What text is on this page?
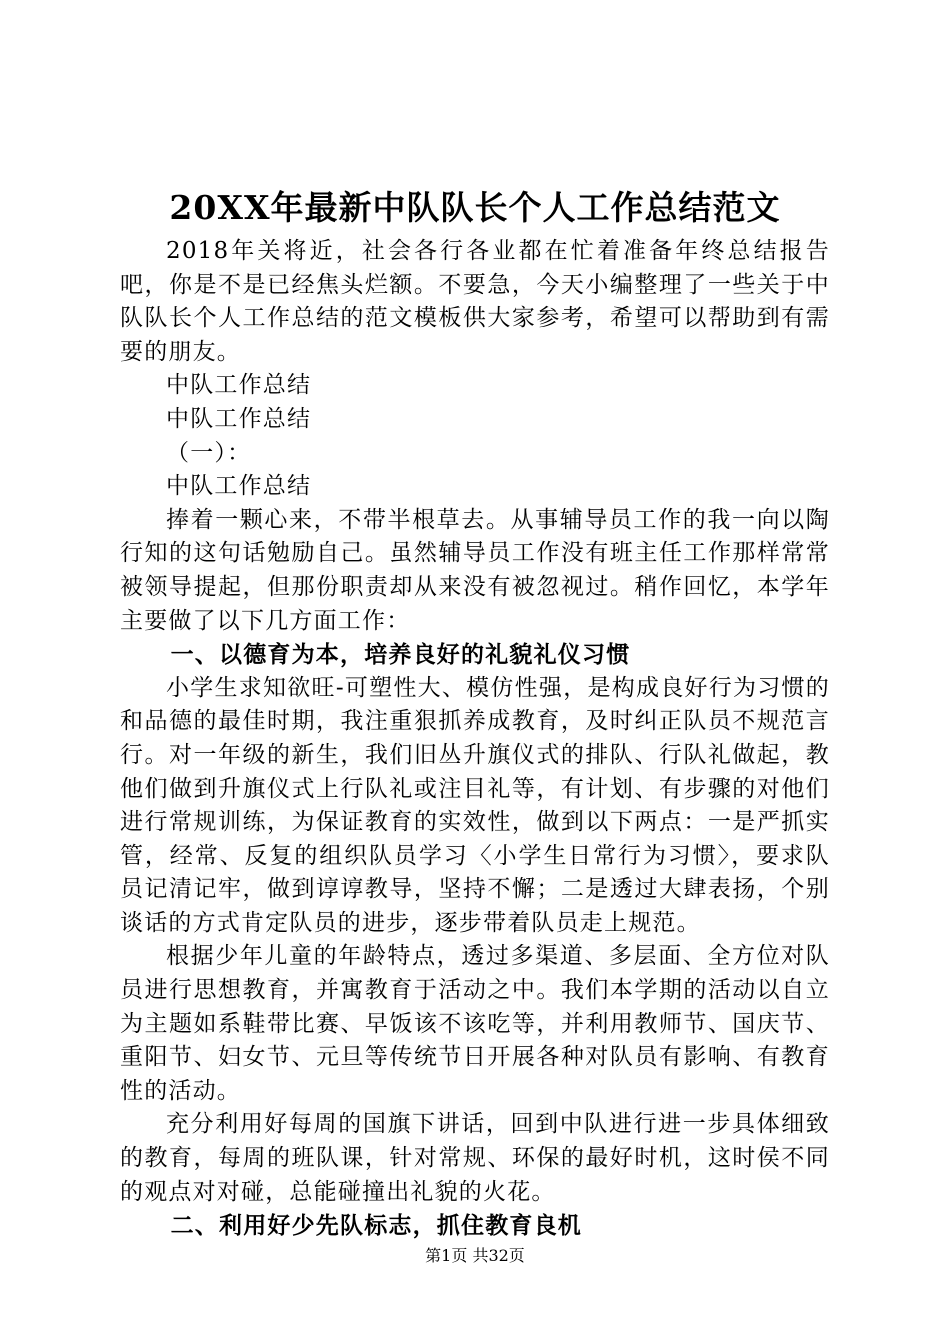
20XX年最新中队队长个人工作总结范文

2018年关将近，社会各行各业都在忙着准备年终总结报告吧，你是不是已经焦头烂额。不要急，今天小编整理了一些关于中队队长个人工作总结的范文模板供大家参考，希望可以帮助到有需要的朋友。

中队工作总结

中队工作总结

（一）：

中队工作总结

捧着一颗心来，不带半根草去。从事辅导员工作的我一向以陶行知的这句话勉励自己。虽然辅导员工作没有班主任工作那样常常被领导提起，但那份职责却从来没有被忽视过。稍作回忆，本学年主要做了以下几方面工作：

一、以德育为本，培养良好的礼貌礼仪习惯

小学生求知欲旺-可塑性大、模仿性强，是构成良好行为习惯的和品德的最佳时期，我注重狠抓养成教育，及时纠正队员不规范言行。对一年级的新生，我们旧丛升旗仪式的排队、行队礼做起，教他们做到升旗仪式上行队礼或注目礼等，有计划、有步骤的对他们进行常规训练，为保证教育的实效性，做到以下两点：一是严抓实管，经常、反复的组织队员学习〈小学生日常行为习惯〉，要求队员记清记牢，做到谆谆教导，坚持不懈；二是透过大肆表扬，个别谈话的方式肯定队员的进步，逐步带着队员走上规范。

根据少年儿童的年龄特点，透过多渠道、多层面、全方位对队员进行思想教育，并寓教育于活动之中。我们本学期的活动以自立为主题如系鞋带比赛、早饭该不该吃等，并利用教师节、国庆节、重阳节、妇女节、元旦等传统节日开展各种对队员有影响、有教育性的活动。

充分利用好每周的国旗下讲话，回到中队进行进一步具体细致的教育，每周的班队课，针对常规、环保的最好时机，这时侯不同的观点对对碰，总能碰撞出礼貌的火花。

二、利用好少先队标志，抓住教育良机

第1页 共32页
